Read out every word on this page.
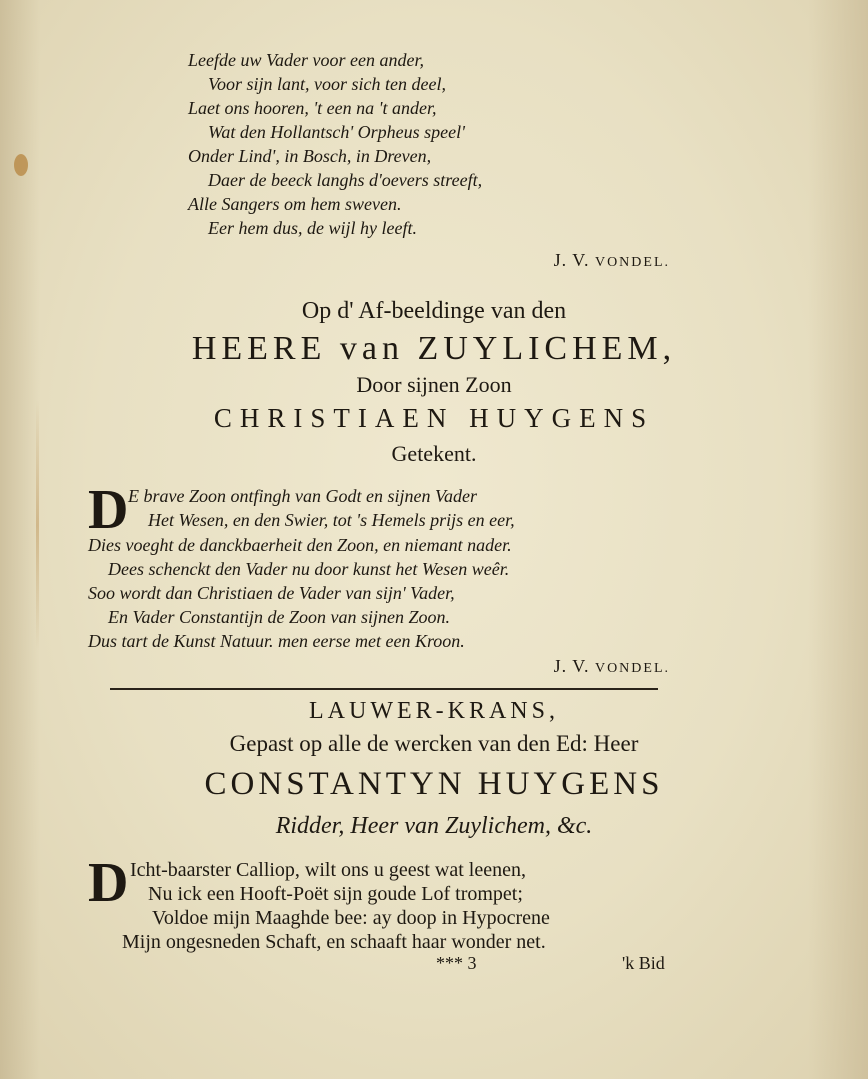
Leefde uw Vader voor een ander,
Voor sijn lant, voor sich ten deel,
Laet ons hooren, 't een na 't ander,
Wat den Hollantsch' Orpheus speel'
Onder Lind', in Bosch, in Dreven,
Daer de beeck langhs d'oevers streeft,
Alle Sangers om hem sweven.
Eer hem dus, de wijl hy leeft.
J. V. VONDEL.
Op d' Af-beeldinge van den
HEERE van ZUYLICHEM,
Door sijnen Zoon
CHRISTIAEN HUYGENS
Getekent.
D E brave Zoon ontfingh van Godt en sijnen Vader
Het Wesen, en den Swier, tot 's Hemels prijs en eer,
Dies voeght de danckbaerheit den Zoon, en niemant nader.
Dees schenckt den Vader nu door kunst het Wesen weêr.
Soo wordt dan Christiaen de Vader van sijn' Vader,
En Vader Constantijn de Zoon van sijnen Zoon.
Dus tart de Kunst Natuur. men eerse met een Kroon.
J. V. VONDEL.
LAUWER-KRANS,
Gepast op alle de wercken van den Ed: Heer
CONSTANTYN HUYGENS
Ridder, Heer van Zuylichem, &c.
D Icht-baarster Calliop, wilt ons u geest wat leenen,
Nu ick een Hooft-Poët sijn goude Lof trompet;
Voldoe mijn Maaghde bee: ay doop in Hypocrene
Mijn ongesneden Schaft, en schaaft haar wonder net.
*** 3	'k Bid
